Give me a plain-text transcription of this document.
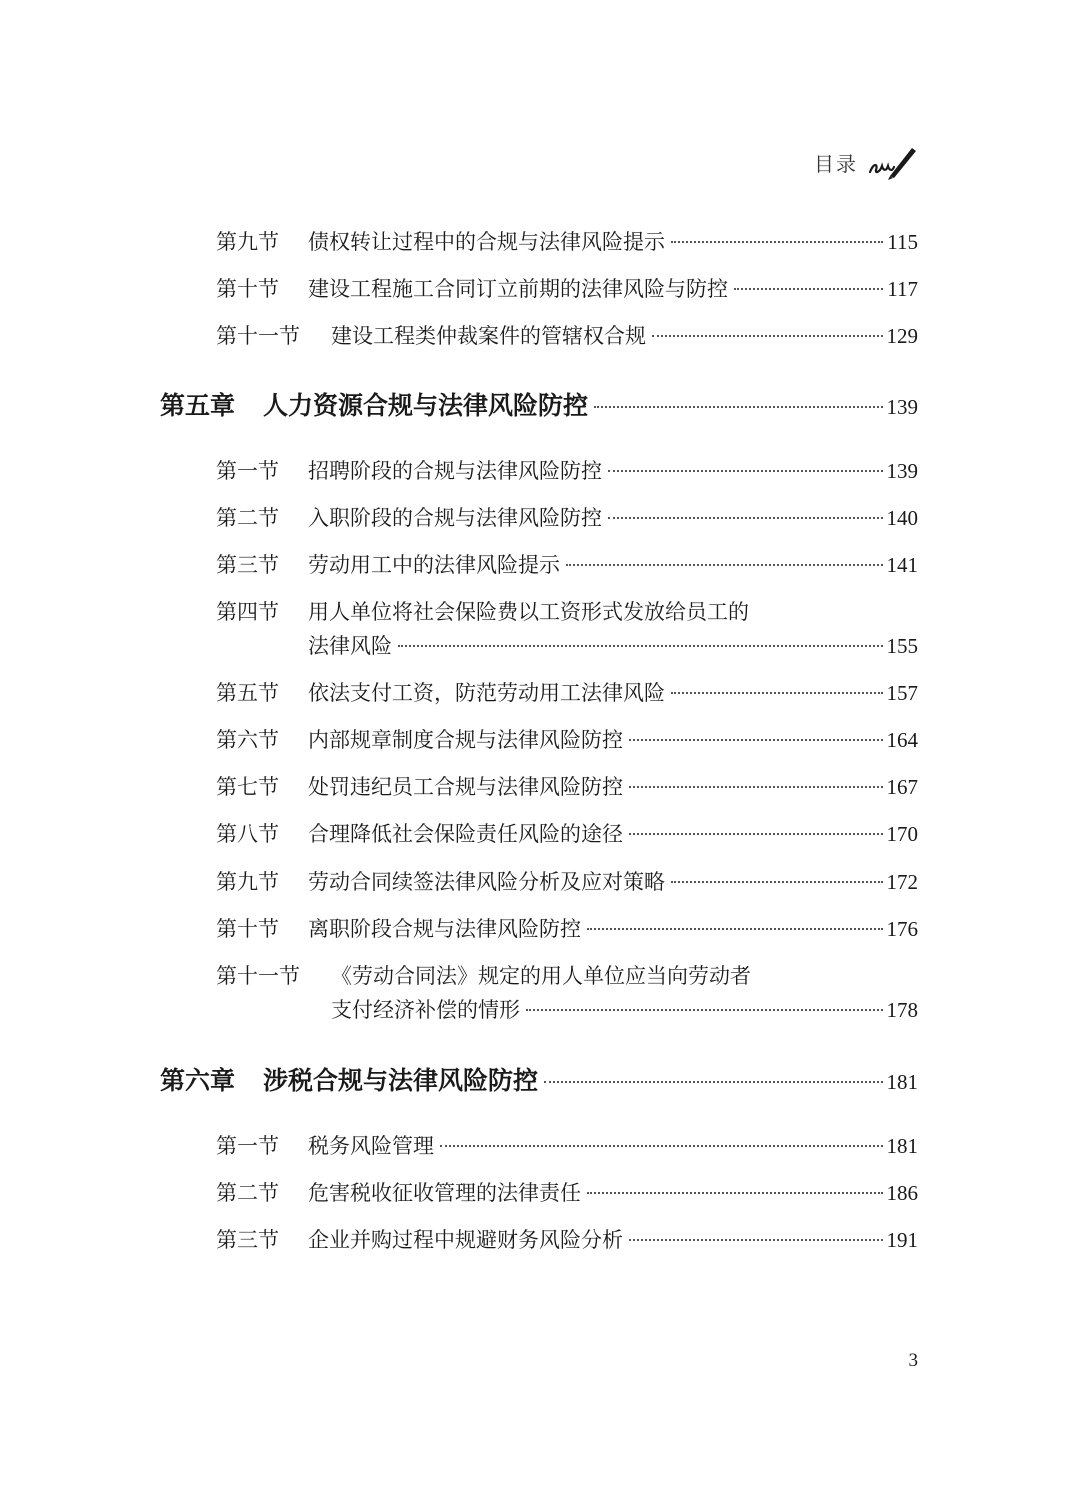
目录
第九节	债权转让过程中的合规与法律风险提示	115
第十节	建设工程施工合同订立前期的法律风险与防控	117
第十一节	建设工程类仲裁案件的管辖权合规	129
第五章	人力资源合规与法律风险防控	139
第一节	招聘阶段的合规与法律风险防控	139
第二节	入职阶段的合规与法律风险防控	140
第三节	劳动用工中的法律风险提示	141
第四节 用人单位将社会保险费以工资形式发放给员工的
法律风险	155
第五节	依法支付工资，防范劳动用工法律风险	157
第六节	内部规章制度合规与法律风险防控	164
第七节	处罚违纪员工合规与法律风险防控	167
第八节	合理降低社会保险责任风险的途径	170
第九节	劳动合同续签法律风险分析及应对策略	172
第十节	离职阶段合规与法律风险防控	176
第十一节 《劳动合同法》规定的用人单位应当向劳动者
支付经济补偿的情形	178
第六章	涉税合规与法律风险防控	181
第一节	税务风险管理	181
第二节	危害税收征收管理的法律责任	186
第三节	企业并购过程中规避财务风险分析	191
3
